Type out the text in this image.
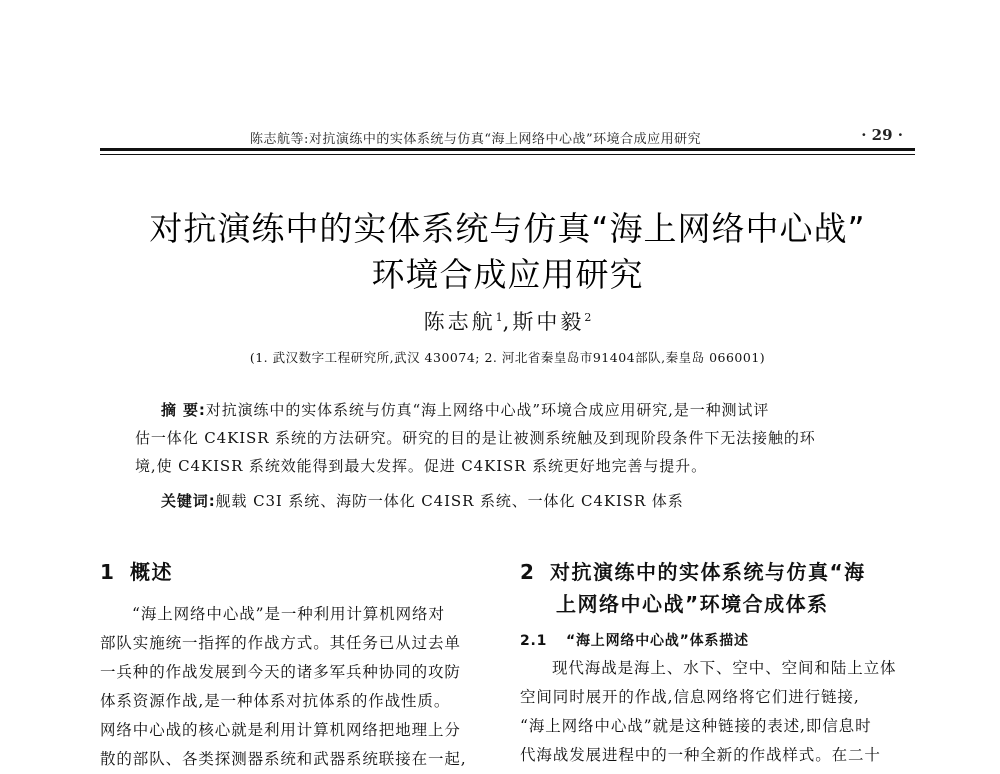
陈志航等:对抗演练中的实体系统与仿真“海上网络中心战”环境合成应用研究	· 29 ·
对抗演练中的实体系统与仿真“海上网络中心战”
环境合成应用研究
陈志航$^1$,斯中毅$^2$
(1. 武汉数字工程研究所,武汉 430074; 2. 河北省秦皇岛市91404部队,秦皇岛 066001)
摘 要:对抗演练中的实体系统与仿真“海上网络中心战”环境合成应用研究,是一种测试评
估一体化 C4KISR 系统的方法研究。研究的目的是让被测系统触及到现阶段条件下无法接触的环
境,使 C4KISR 系统效能得到最大发挥。促进 C4KISR 系统更好地完善与提升。
关键词:舰载 C3I 系统、海防一体化 C4ISR 系统、一体化 C4KISR 体系
1 概述
“海上网络中心战”是一种利用计算机网络对
部队实施统一指挥的作战方式。其任务已从过去单
一兵种的作战发展到今天的诸多军兵种协同的攻防
体系资源作战,是一种体系对抗体系的作战性质。
网络中心战的核心就是利用计算机网络把地理上分
散的部队、各类探测器系统和武器系统联接在一起,
2 对抗演练中的实体系统与仿真“海
上网络中心战”环境合成体系
2.1 “海上网络中心战”体系描述
现代海战是海上、水下、空中、空间和陆上立体
空间同时展开的作战,信息网络将它们进行链接,
“海上网络中心战”就是这种链接的表述,即信息时
代海战发展进程中的一种全新的作战样式。在二十
